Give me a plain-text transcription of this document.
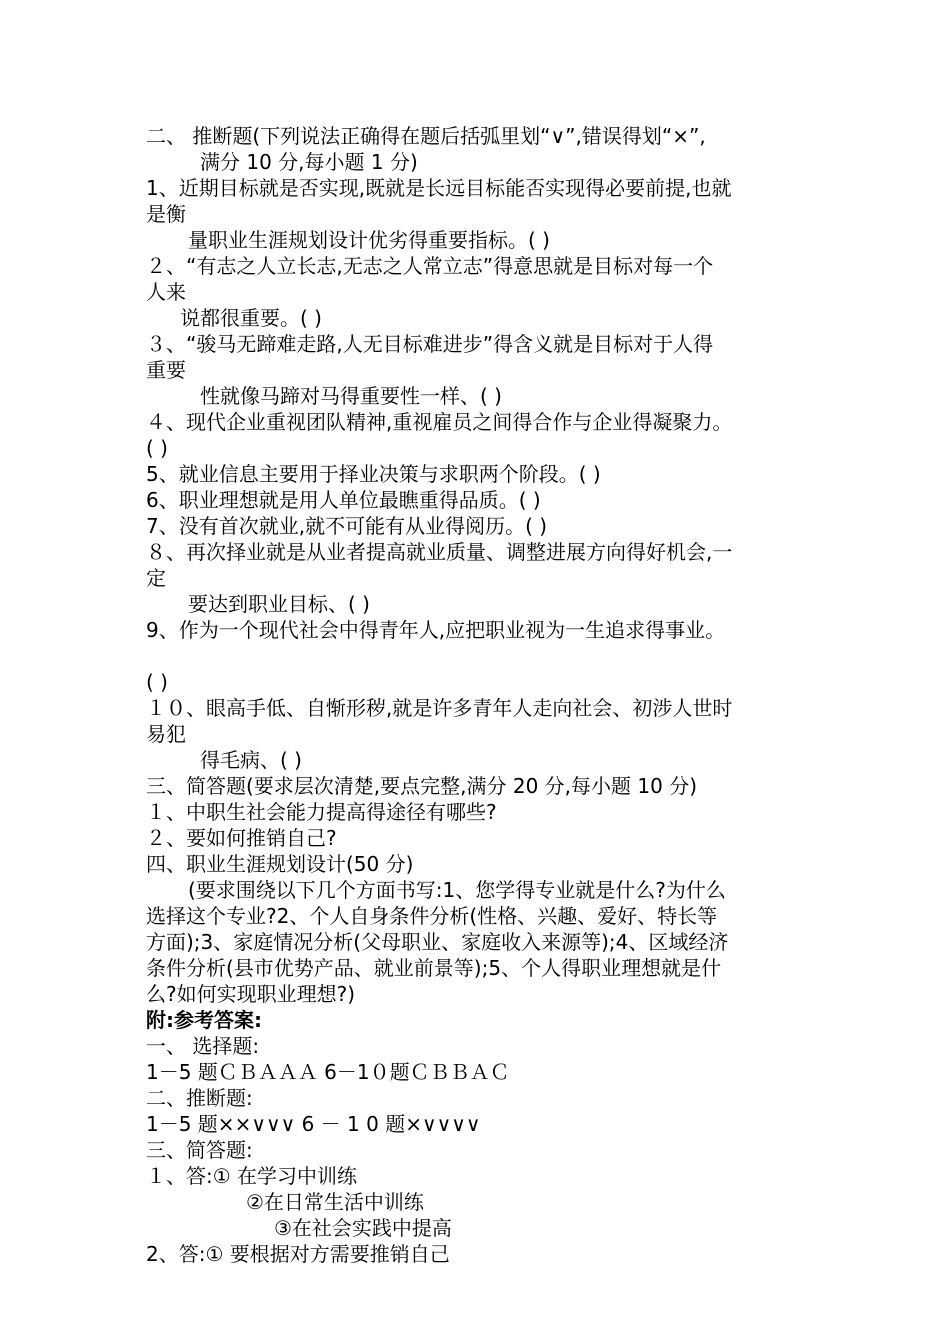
二、 推断题(下列说法正确得在题后括弧里划“∨”,错误得划“×”,

满分 10 分,每小题 1 分)

1、近期目标就是否实现,既就是长远目标能否实现得必要前提,也就

是衡

量职业生涯规划设计优劣得重要指标。( )

２、“有志之人立长志,无志之人常立志”得意思就是目标对每一个

人来

说都很重要。( )

３、“骏马无蹄难走路,人无目标难进步”得含义就是目标对于人得

重要

性就像马蹄对马得重要性一样、( )

４、现代企业重视团队精神,重视雇员之间得合作与企业得凝聚力。

( )

5、就业信息主要用于择业决策与求职两个阶段。( )

6、职业理想就是用人单位最瞧重得品质。( )

7、没有首次就业,就不可能有从业得阅历。( )

８、再次择业就是从业者提高就业质量、调整进展方向得好机会,一

定

要达到职业目标、( )

9、作为一个现代社会中得青年人,应把职业视为一生追求得事业。

( )

１０、眼高手低、自惭形秽,就是许多青年人走向社会、初涉人世时

易犯

得毛病、( )

三、简答题(要求层次清楚,要点完整,满分 20 分,每小题 10 分)

１、中职生社会能力提高得途径有哪些?

２、要如何推销自己?

四、职业生涯规划设计(50 分)

(要求围绕以下几个方面书写:1、您学得专业就是什么?为什么

选择这个专业?2、个人自身条件分析(性格、兴趣、爱好、特长等

方面);3、家庭情况分析(父母职业、家庭收入来源等);4、区域经济

条件分析(县市优势产品、就业前景等);5、个人得职业理想就是什

么?如何实现职业理想?)

附:参考答案:

一、 选择题:

1－5 题ＣＢＡＡＡ 6－1０题ＣＢＢＡＣ

二、推断题:

1－5 题××∨∨∨ 6 － 1 0 题×∨∨∨∨

三、简答题:

１、答:① 在学习中训练

②在日常生活中训练

③在社会实践中提高

2、答:① 要根据对方需要推销自己
